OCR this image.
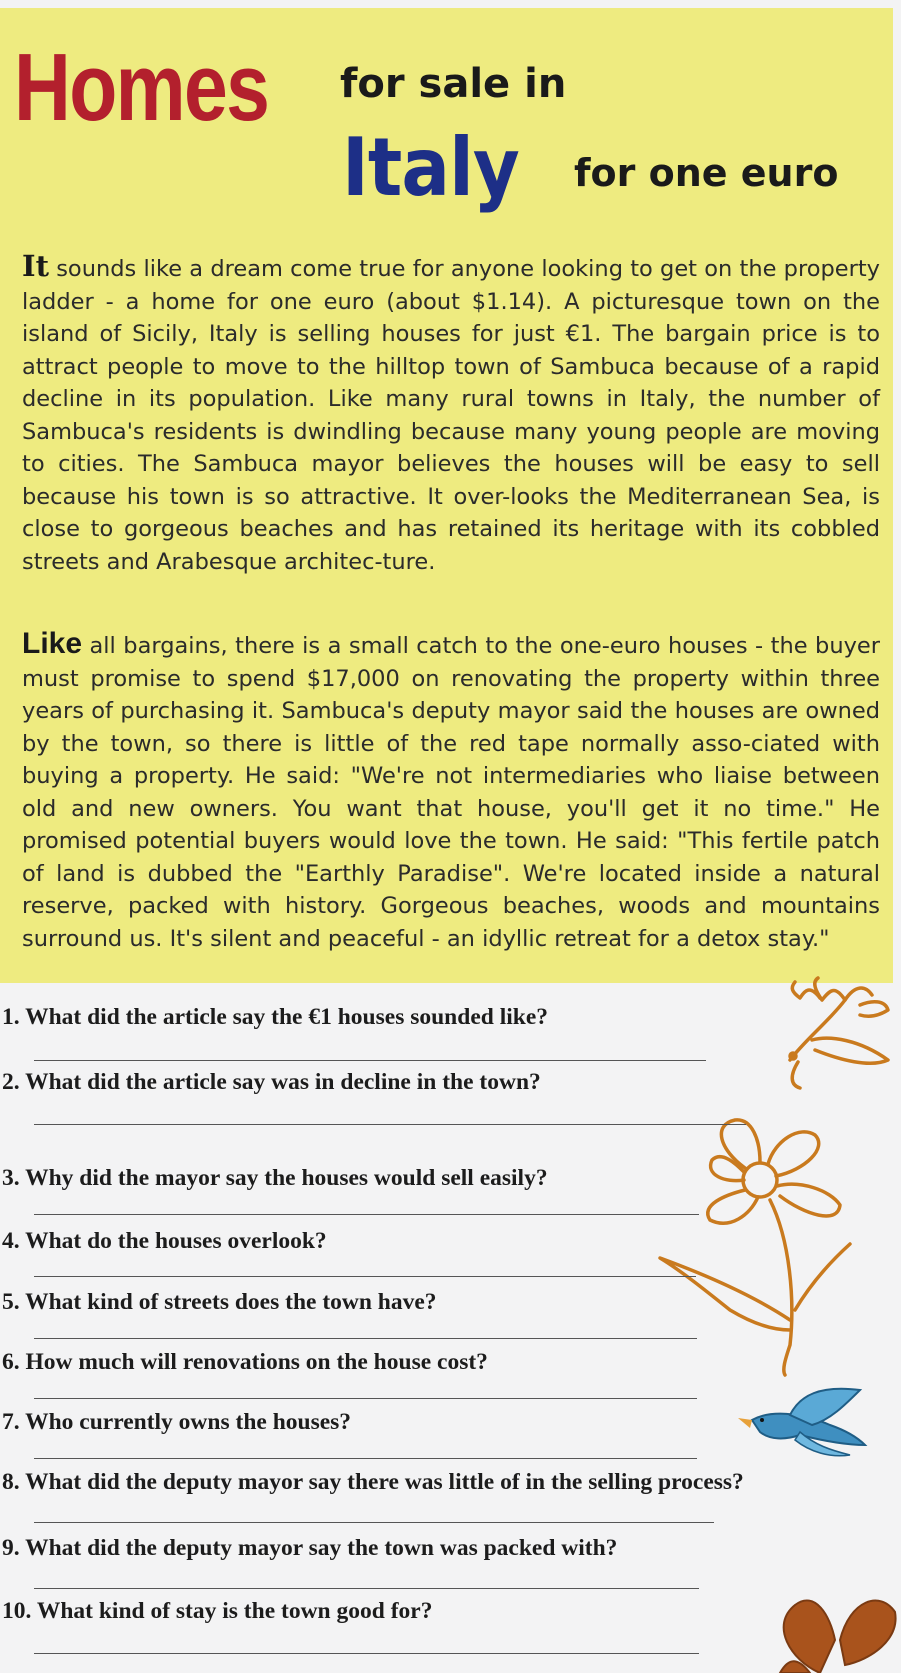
Homes for sale in
Italy for one euro

It sounds like a dream come true for anyone looking to get on the property ladder - a home for one euro (about $1.14). A picturesque town on the island of Sicily, Italy is selling houses for just €1. The bargain price is to attract people to move to the hilltop town of Sambuca because of a rapid decline in its population. Like many rural towns in Italy, the number of Sambuca's residents is dwindling because many young people are moving to cities. The Sambuca mayor believes the houses will be easy to sell because his town is so attractive. It over-looks the Mediterranean Sea, is close to gorgeous beaches and has retained its heritage with its cobbled streets and Arabesque architec-ture.

Like all bargains, there is a small catch to the one-euro houses - the buyer must promise to spend $17,000 on renovating the property within three years of purchasing it. Sambuca's deputy mayor said the houses are owned by the town, so there is little of the red tape normally asso-ciated with buying a property. He said: "We're not intermediaries who liaise between old and new owners. You want that house, you'll get it no time." He promised potential buyers would love the town. He said: "This fertile patch of land is dubbed the "Earthly Paradise". We're located inside a natural reserve, packed with history. Gorgeous beaches, woods and mountains surround us. It's silent and peaceful - an idyllic retreat for a detox stay."

1. What did the article say the €1 houses sounded like?
2. What did the article say was in decline in the town?
3. Why did the mayor say the houses would sell easily?
4. What do the houses overlook?
5. What kind of streets does the town have?
6. How much will renovations on the house cost?
7. Who currently owns the houses?
8. What did the deputy mayor say there was little of in the selling process?
9. What did the deputy mayor say the town was packed with?
10. What kind of stay is the town good for?
